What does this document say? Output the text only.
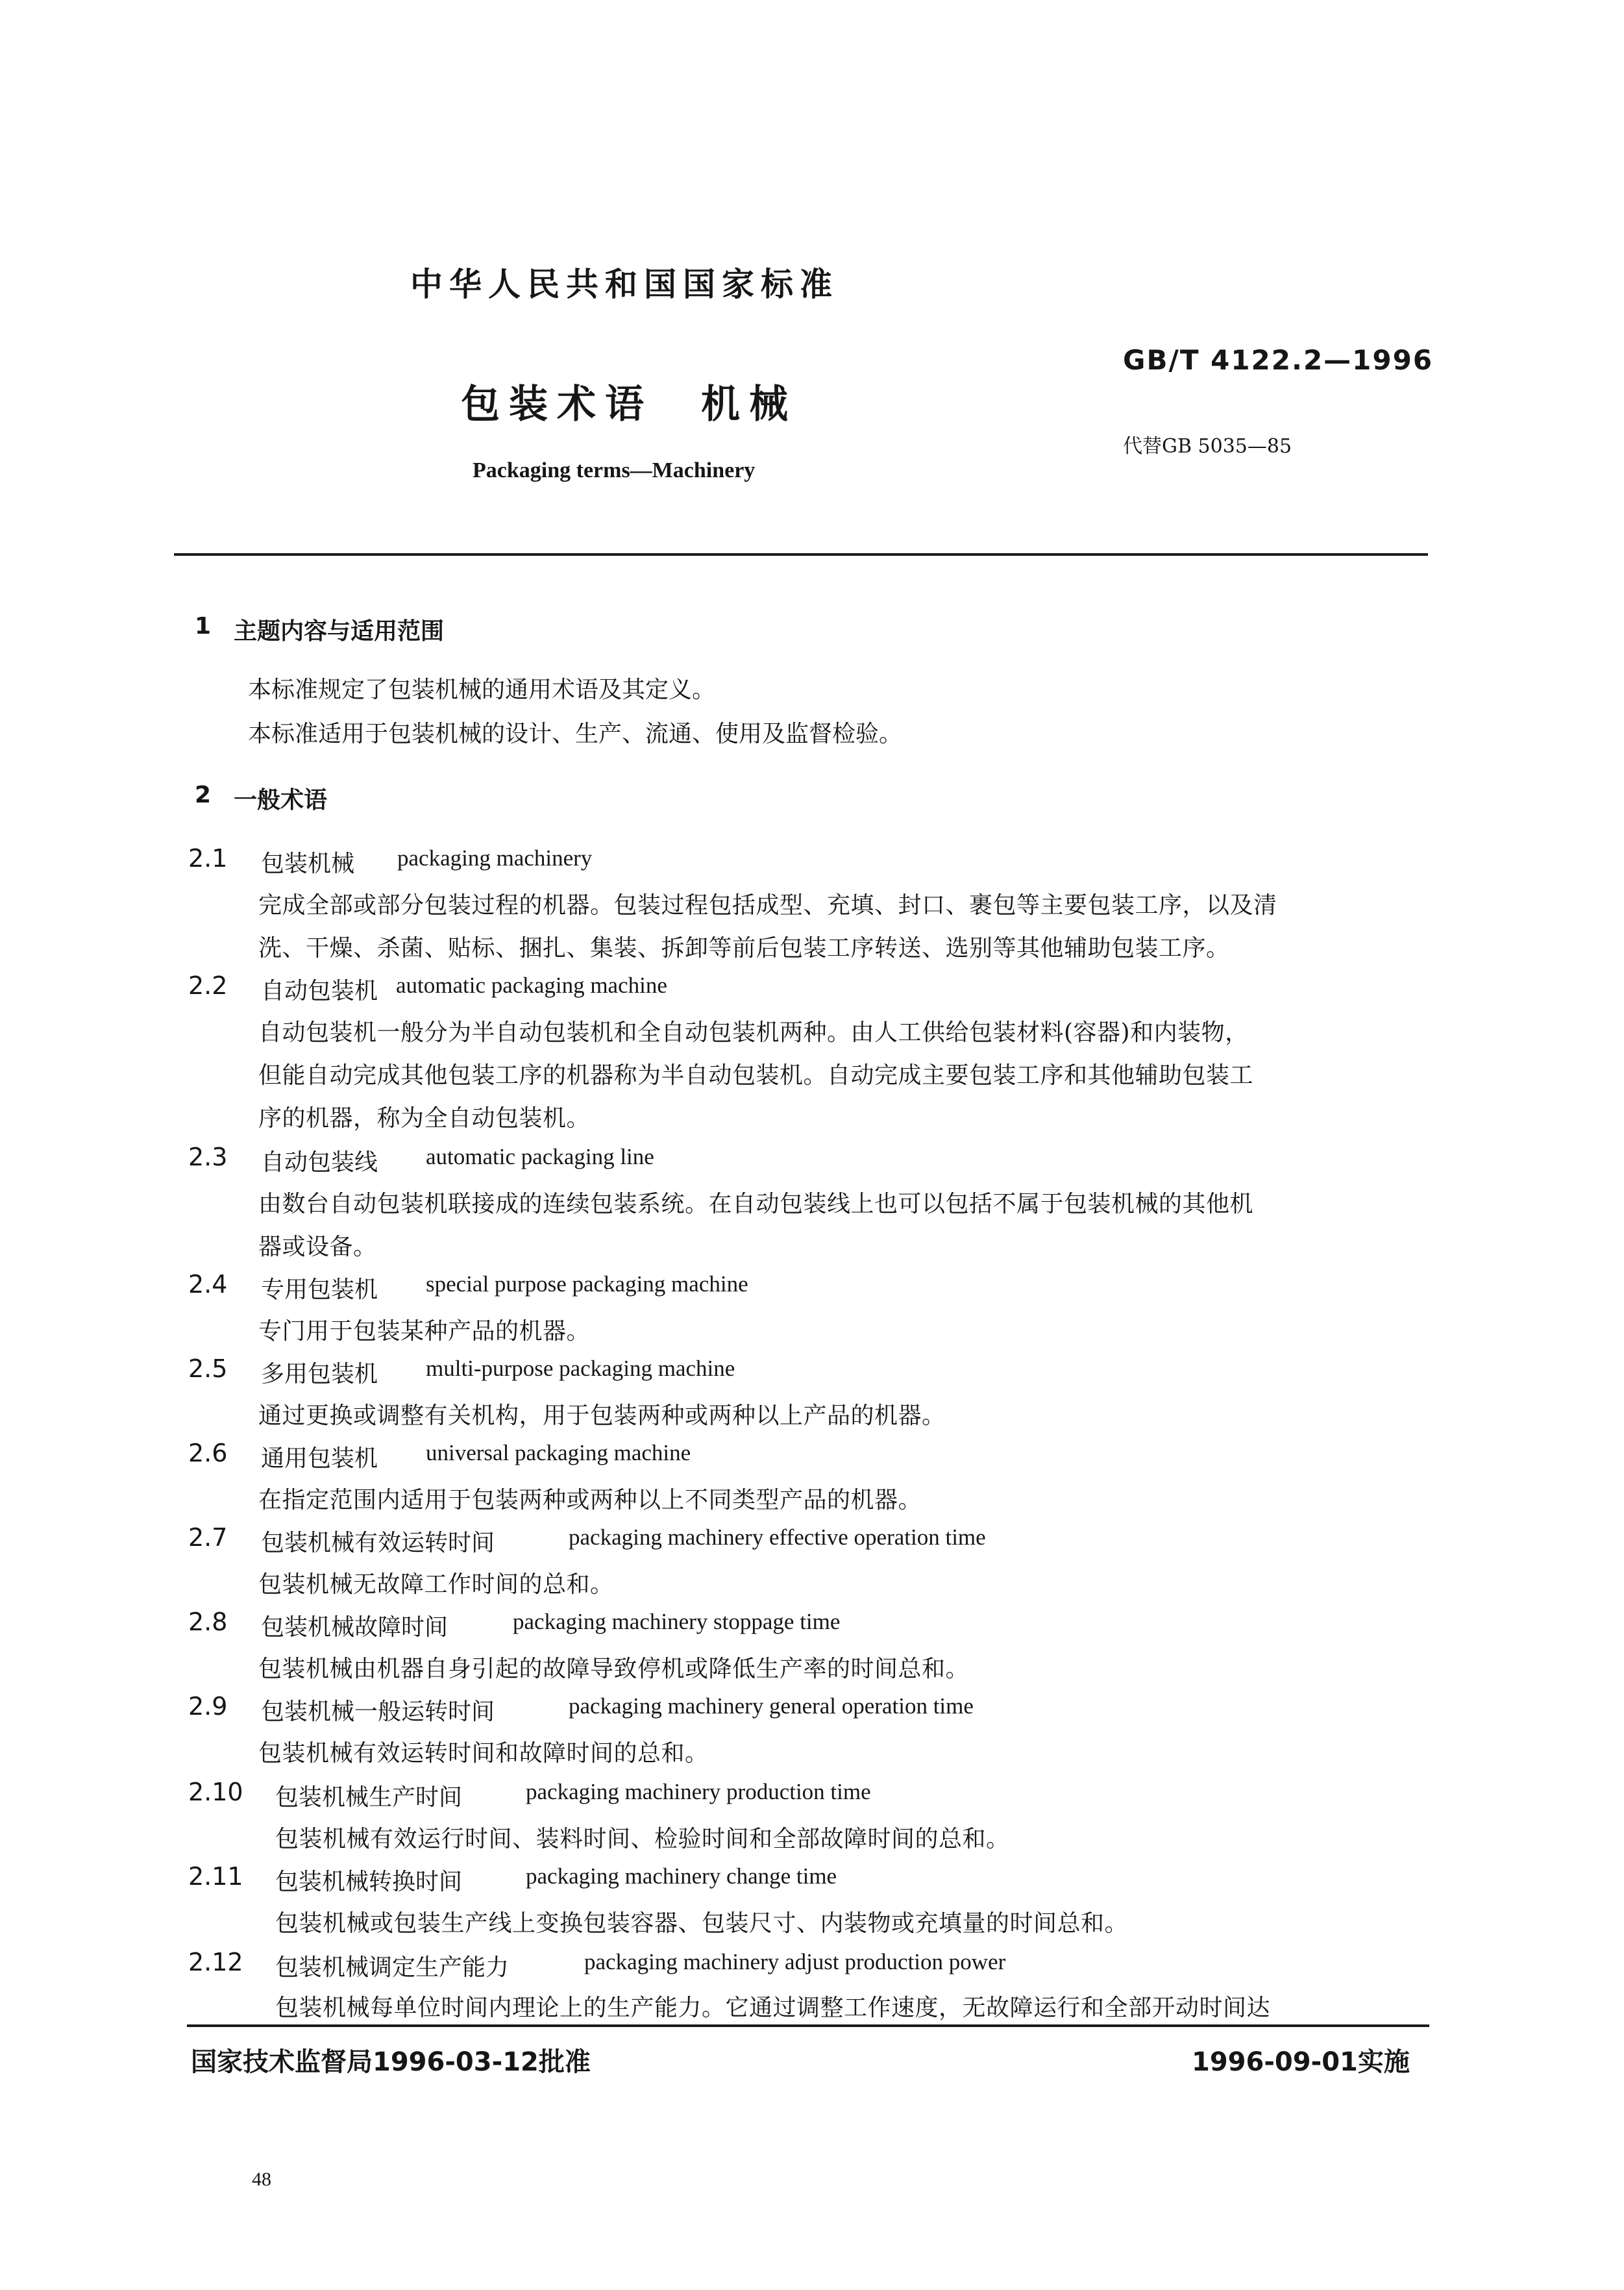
中华人民共和国国家标准
GB/T 4122.2—1996
包装术语　机械
代替GB 5035—85
Packaging terms—Machinery
1 主题内容与适用范围
本标准规定了包装机械的通用术语及其定义。
本标准适用于包装机械的设计、生产、流通、使用及监督检验。
2 一般术语
2.1 包装机械 packaging machinery
完成全部或部分包装过程的机器。包装过程包括成型、充填、封口、裹包等主要包装工序，以及清
洗、干燥、杀菌、贴标、捆扎、集装、拆卸等前后包装工序转送、选别等其他辅助包装工序。
2.2 自动包装机 automatic packaging machine
自动包装机一般分为半自动包装机和全自动包装机两种。由人工供给包装材料(容器)和内装物，
但能自动完成其他包装工序的机器称为半自动包装机。自动完成主要包装工序和其他辅助包装工
序的机器，称为全自动包装机。
2.3 自动包装线 automatic packaging line
由数台自动包装机联接成的连续包装系统。在自动包装线上也可以包括不属于包装机械的其他机
器或设备。
2.4 专用包装机 special purpose packaging machine
专门用于包装某种产品的机器。
2.5 多用包装机 multi-purpose packaging machine
通过更换或调整有关机构，用于包装两种或两种以上产品的机器。
2.6 通用包装机 universal packaging machine
在指定范围内适用于包装两种或两种以上不同类型产品的机器。
2.7 包装机械有效运转时间	packaging machinery effective operation time
包装机械无故障工作时间的总和。
2.8 包装机械故障时间	packaging machinery stoppage time
包装机械由机器自身引起的故障导致停机或降低生产率的时间总和。
2.9 包装机械一般运转时间	packaging machinery general operation time
包装机械有效运转时间和故障时间的总和。
2.10 包装机械生产时间	packaging machinery production time
包装机械有效运行时间、装料时间、检验时间和全部故障时间的总和。
2.11 包装机械转换时间	packaging machinery change time
包装机械或包装生产线上变换包装容器、包装尺寸、内装物或充填量的时间总和。
2.12 包装机械调定生产能力	packaging machinery adjust production power
包装机械每单位时间内理论上的生产能力。它通过调整工作速度，无故障运行和全部开动时间达
国家技术监督局1996-03-12批准	1996-09-01实施
48
